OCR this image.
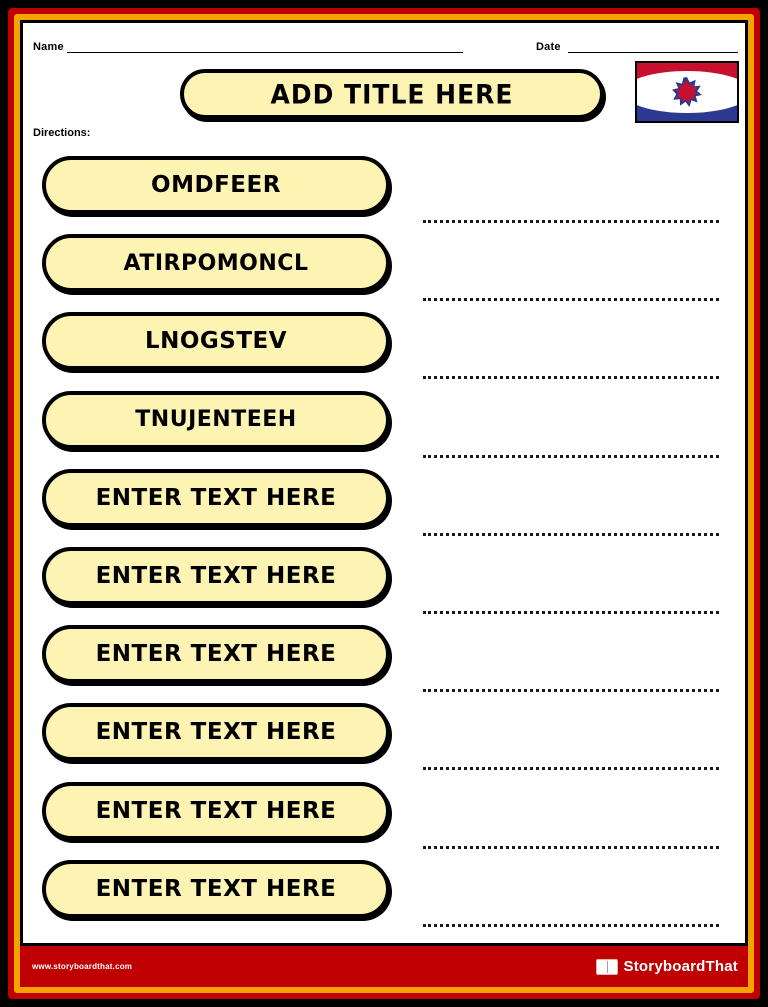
Name	Date
ADD TITLE HERE
Directions:
OMDFEER
ATIRPOMONCL
LNOGSTEV
TNUJENTEEH
ENTER TEXT HERE
ENTER TEXT HERE
ENTER TEXT HERE
ENTER TEXT HERE
ENTER TEXT HERE
ENTER TEXT HERE
www.storyboardthat.com	StoryboardThat
